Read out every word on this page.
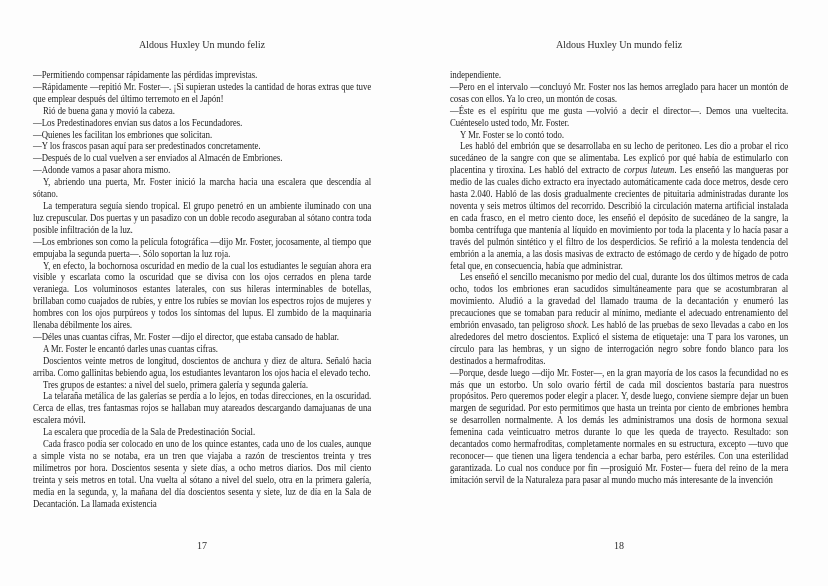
Aldous Huxley Un mundo feliz

—Permitiendo compensar rápidamente las pérdidas imprevistas.

—Rápidamente —repitió Mr. Foster—. ¡Si supieran ustedes la cantidad de horas extras que tuve que emplear después del último terremoto en el Japón!

Rió de buena gana y movió la cabeza.

—Los Predestinadores envían sus datos a los Fecundadores.

—Quienes les facilitan los embriones que solicitan.

—Y los frascos pasan aquí para ser predestinados concretamente.

—Después de lo cual vuelven a ser enviados al Almacén de Embriones.

—Adonde vamos a pasar ahora mismo.

Y, abriendo una puerta, Mr. Foster inició la marcha hacia una escalera que descendía al sótano.

La temperatura seguía siendo tropical. El grupo penetró en un ambiente iluminado con una luz crepuscular. Dos puertas y un pasadizo con un doble recodo aseguraban al sótano contra toda posible infiltración de la luz.

—Los embriones son como la película fotográfica —dijo Mr. Foster, jocosamente, al tiempo que empujaba la segunda puerta—. Sólo soportan la luz roja.

Y, en efecto, la bochornosa oscuridad en medio de la cual los estudiantes le seguían ahora era visible y escarlata como la oscuridad que se divisa con los ojos cerrados en plena tarde veraniega. Los voluminosos estantes laterales, con sus hileras interminables de botellas, brillaban como cuajados de rubíes, y entre los rubíes se movían los espectros rojos de mujeres y hombres con los ojos purpúreos y todos los síntomas del lupus. El zumbido de la maquinaria llenaba débilmente los aires.

—Déles unas cuantas cifras, Mr. Foster —dijo el director, que estaba cansado de hablar.

A Mr. Foster le encantó darles unas cuantas cifras.

Doscientos veinte metros de longitud, doscientos de anchura y diez de altura. Señaló hacia arriba. Como gallinitas bebiendo agua, los estudiantes levantaron los ojos hacia el elevado techo.

Tres grupos de estantes: a nivel del suelo, primera galería y segunda galería.

La telaraña metálica de las galerías se perdía a lo lejos, en todas direcciones, en la oscuridad. Cerca de ellas, tres fantasmas rojos se hallaban muy atareados descargando damajuanas de una escalera móvil.

La escalera que procedía de la Sala de Predestinación Social.

Cada frasco podía ser colocado en uno de los quince estantes, cada uno de los cuales, aunque a simple vista no se notaba, era un tren que viajaba a razón de trescientos treinta y tres milímetros por hora. Doscientos sesenta y siete días, a ocho metros diarios. Dos mil ciento treinta y seis metros en total. Una vuelta al sótano a nivel del suelo, otra en la primera galería, media en la segunda, y, la mañana del día doscientos sesenta y siete, luz de día en la Sala de Decantación. La llamada existencia

17
Aldous Huxley Un mundo feliz

independiente.

—Pero en el intervalo —concluyó Mr. Foster nos las hemos arreglado para hacer un montón de cosas con ellos. Ya lo creo, un montón de cosas.

—Éste es el espíritu que me gusta —volvió a decir el director—. Demos una vueltecita. Cuénteselo usted todo, Mr. Foster.

Y Mr. Foster se lo contó todo.

Les habló del embrión que se desarrollaba en su lecho de peritoneo. Les dio a probar el rico sucedáneo de la sangre con que se alimentaba. Les explicó por qué había de estimularlo con placentina y tiroxina. Les habló del extracto de corpus luteum. Les enseñó las mangueras por medio de las cuales dicho extracto era inyectado automáticamente cada doce metros, desde cero hasta 2.040. Habló de las dosis gradualmente crecientes de pituitaria administradas durante los noventa y seis metros últimos del recorrido. Describió la circulación materna artificial instalada en cada frasco, en el metro ciento doce, les enseñó el depósito de sucedáneo de la sangre, la bomba centrífuga que mantenía al líquido en movimiento por toda la placenta y lo hacía pasar a través del pulmón sintético y el filtro de los desperdicios. Se refirió a la molesta tendencia del embrión a la anemia, a las dosis masivas de extracto de estómago de cerdo y de hígado de potro fetal que, en consecuencia, había que administrar.

Les enseñó el sencillo mecanismo por medio del cual, durante los dos últimos metros de cada ocho, todos los embriones eran sacudidos simultáneamente para que se acostumbraran al movimiento. Aludió a la gravedad del llamado trauma de la decantación y enumeró las precauciones que se tomaban para reducir al mínimo, mediante el adecuado entrenamiento del embrión envasado, tan peligroso shock. Les habló de las pruebas de sexo llevadas a cabo en los alrededores del metro doscientos. Explicó el sistema de etiquetaje: una T para los varones, un círculo para las hembras, y un signo de interrogación negro sobre fondo blanco para los destinados a hermafroditas.

—Porque, desde luego —dijo Mr. Foster—, en la gran mayoría de los casos la fecundidad no es más que un estorbo. Un solo ovario fértil de cada mil doscientos bastaría para nuestros propósitos. Pero queremos poder elegir a placer. Y, desde luego, conviene siempre dejar un buen margen de seguridad. Por esto permitimos que hasta un treinta por ciento de embriones hembra se desarrollen normalmente. A los demás les administramos una dosis de hormona sexual femenina cada veinticuatro metros durante lo que les queda de trayecto. Resultado: son decantados como hermafroditas, completamente normales en su estructura, excepto —tuvo que reconocer— que tienen una ligera tendencia a echar barba, pero estériles. Con una esterilidad garantizada. Lo cual nos conduce por fin —prosiguió Mr. Foster— fuera del reino de la mera imitación servil de la Naturaleza para pasar al mundo mucho más interesante de la invención

18
